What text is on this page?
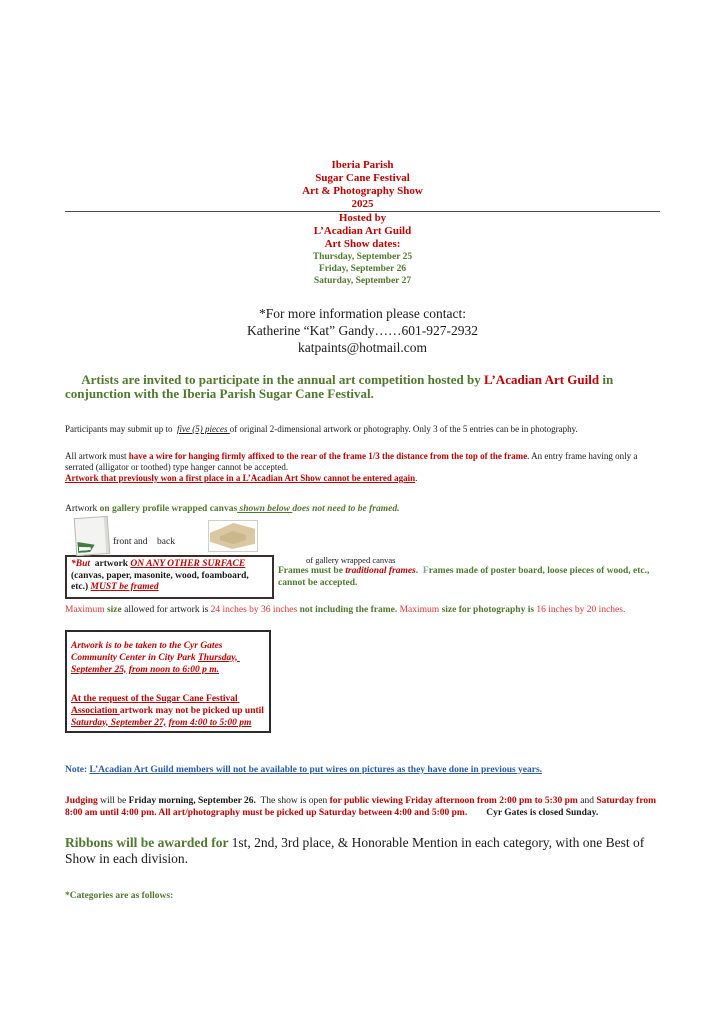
Iberia Parish
Sugar Cane Festival
Art & Photography Show
2025
Hosted by
L’Acadian Art Guild
Art Show dates:
Thursday, September 25
Friday, September 26
Saturday, September 27
*For more information please contact:
Katherine “Kat” Gandy……601-927-2932
katpaints@hotmail.com
Artists are invited to participate in the annual art competition hosted by L’Acadian Art Guild in conjunction with the Iberia Parish Sugar Cane Festival.
Participants may submit up to  five (5) pieces of original 2-dimensional artwork or photography. Only 3 of the 5 entries can be in photography.
All artwork must have a wire for hanging firmly affixed to the rear of the frame 1/3 the distance from the top of the frame. An entry frame having only a serrated (alligator or toothed) type hanger cannot be accepted.
Artwork that previously won a first place in a L’Acadian Art Show cannot be entered again.
Artwork on gallery profile wrapped canvas shown below does not need to be framed.
front and    back
*But  artwork ON ANY OTHER SURFACE (canvas, paper, masonite, wood, foamboard, etc.) MUST be framed
of gallery wrapped canvas
Frames must be traditional frames.  Frames made of poster board, loose pieces of wood, etc., cannot be accepted.
Maximum size allowed for artwork is 24 inches by 36 inches not including the frame. Maximum size for photography is 16 inches by 20 inches.
Artwork is to be taken to the Cyr Gates Community Center in City Park Thursday, September 25, from noon to 6:00 p m.
At the request of the Sugar Cane Festival Association artwork may not be picked up until Saturday, September 27, from 4:00 to 5:00 pm
Note: L’Acadian Art Guild members will not be available to put wires on pictures as they have done in previous years.
Judging will be Friday morning, September 26.  The show is open for public viewing Friday afternoon from 2:00 pm to 5:30 pm and Saturday from 8:00 am until 4:00 pm. All art/photography must be picked up Saturday between 4:00 and 5:00 pm. Cyr Gates is closed Sunday.
Ribbons will be awarded for 1st, 2nd, 3rd place, & Honorable Mention in each category, with one Best of Show in each division.
*Categories are as follows:
